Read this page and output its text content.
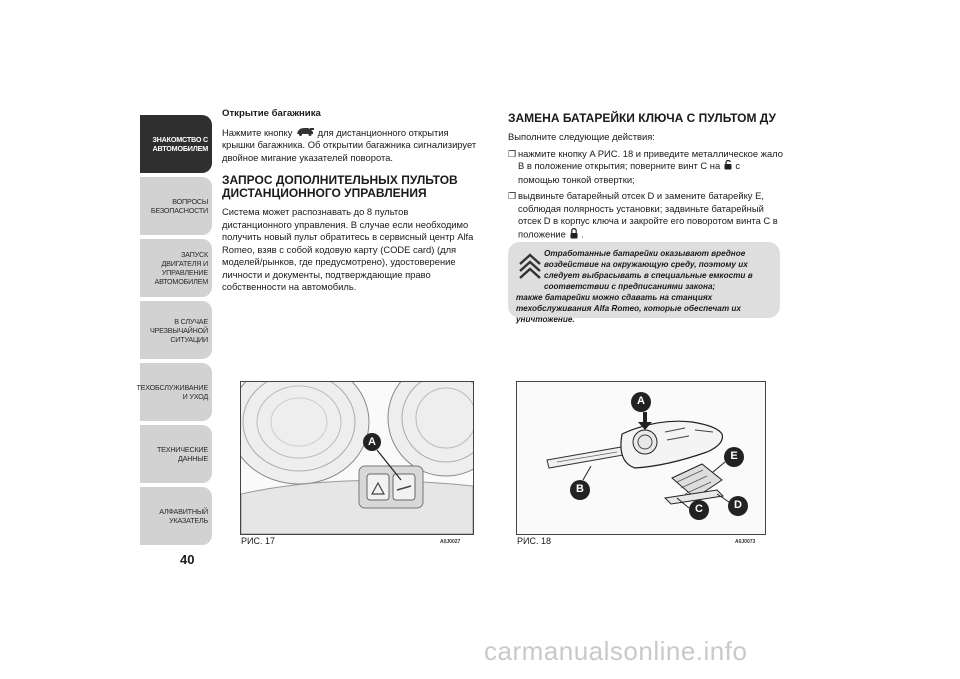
ЗНАКОМСТВО С АВТОМОБИЛЕМ
ВОПРОСЫ БЕЗОПАСНОСТИ
ЗАПУСК ДВИГАТЕЛЯ И УПРАВЛЕНИЕ АВТОМОБИЛЕМ
В СЛУЧАЕ ЧРЕЗВЫЧАЙНОЙ СИТУАЦИИ
ТЕХОБСЛУЖИВАНИЕ И УХОД
ТЕХНИЧЕСКИЕ ДАННЫЕ
АЛФАВИТНЫЙ УКАЗАТЕЛЬ
40
Открытие багажника

Нажмите кнопку	для дистанционного открытия крышки багажника. Об открытии багажника сигнализирует двойное мигание указателей поворота.

ЗАПРОС ДОПОЛНИТЕЛЬНЫХ ПУЛЬТОВ ДИСТАНЦИОННОГО УПРАВЛЕНИЯ

Система может распознавать до 8 пультов дистанционного управления. В случае если необходимо получить новый пульт обратитесь в сервисный центр Alfa Romeo, взяв с собой кодовую карту (CODE card) (для моделей/рынков, где предусмотрено), удостоверение личности и документы, подтверждающие право собственности на автомобиль.

ЗАМЕНА БАТАРЕЙКИ КЛЮЧА С ПУЛЬТОМ ДУ

Выполните следующие действия:

❒ нажмите кнопку A РИС. 18 и приведите металлическое жало B в положение открытия; поверните винт C на с помощью тонкой отвертки;
❒ выдвиньте батарейный отсек D и замените батарейку E, соблюдая полярность установки; задвиньте батарейный отсек D в корпус ключа и закройте его поворотом винта C в положение .
Отработанные батарейки оказывают вредное воздействие на окружающую среду, поэтому их следует выбрасывать в специальные емкости в соответствии с предписаниями закона;
также батарейки можно сдавать на станциях техобслуживания Alfa Romeo, которые обеспечат их уничтожение.
A
РИС. 17	A0J0027
A
B
C	D
E
РИС. 18	A0J0073
carmanualsonline.info
